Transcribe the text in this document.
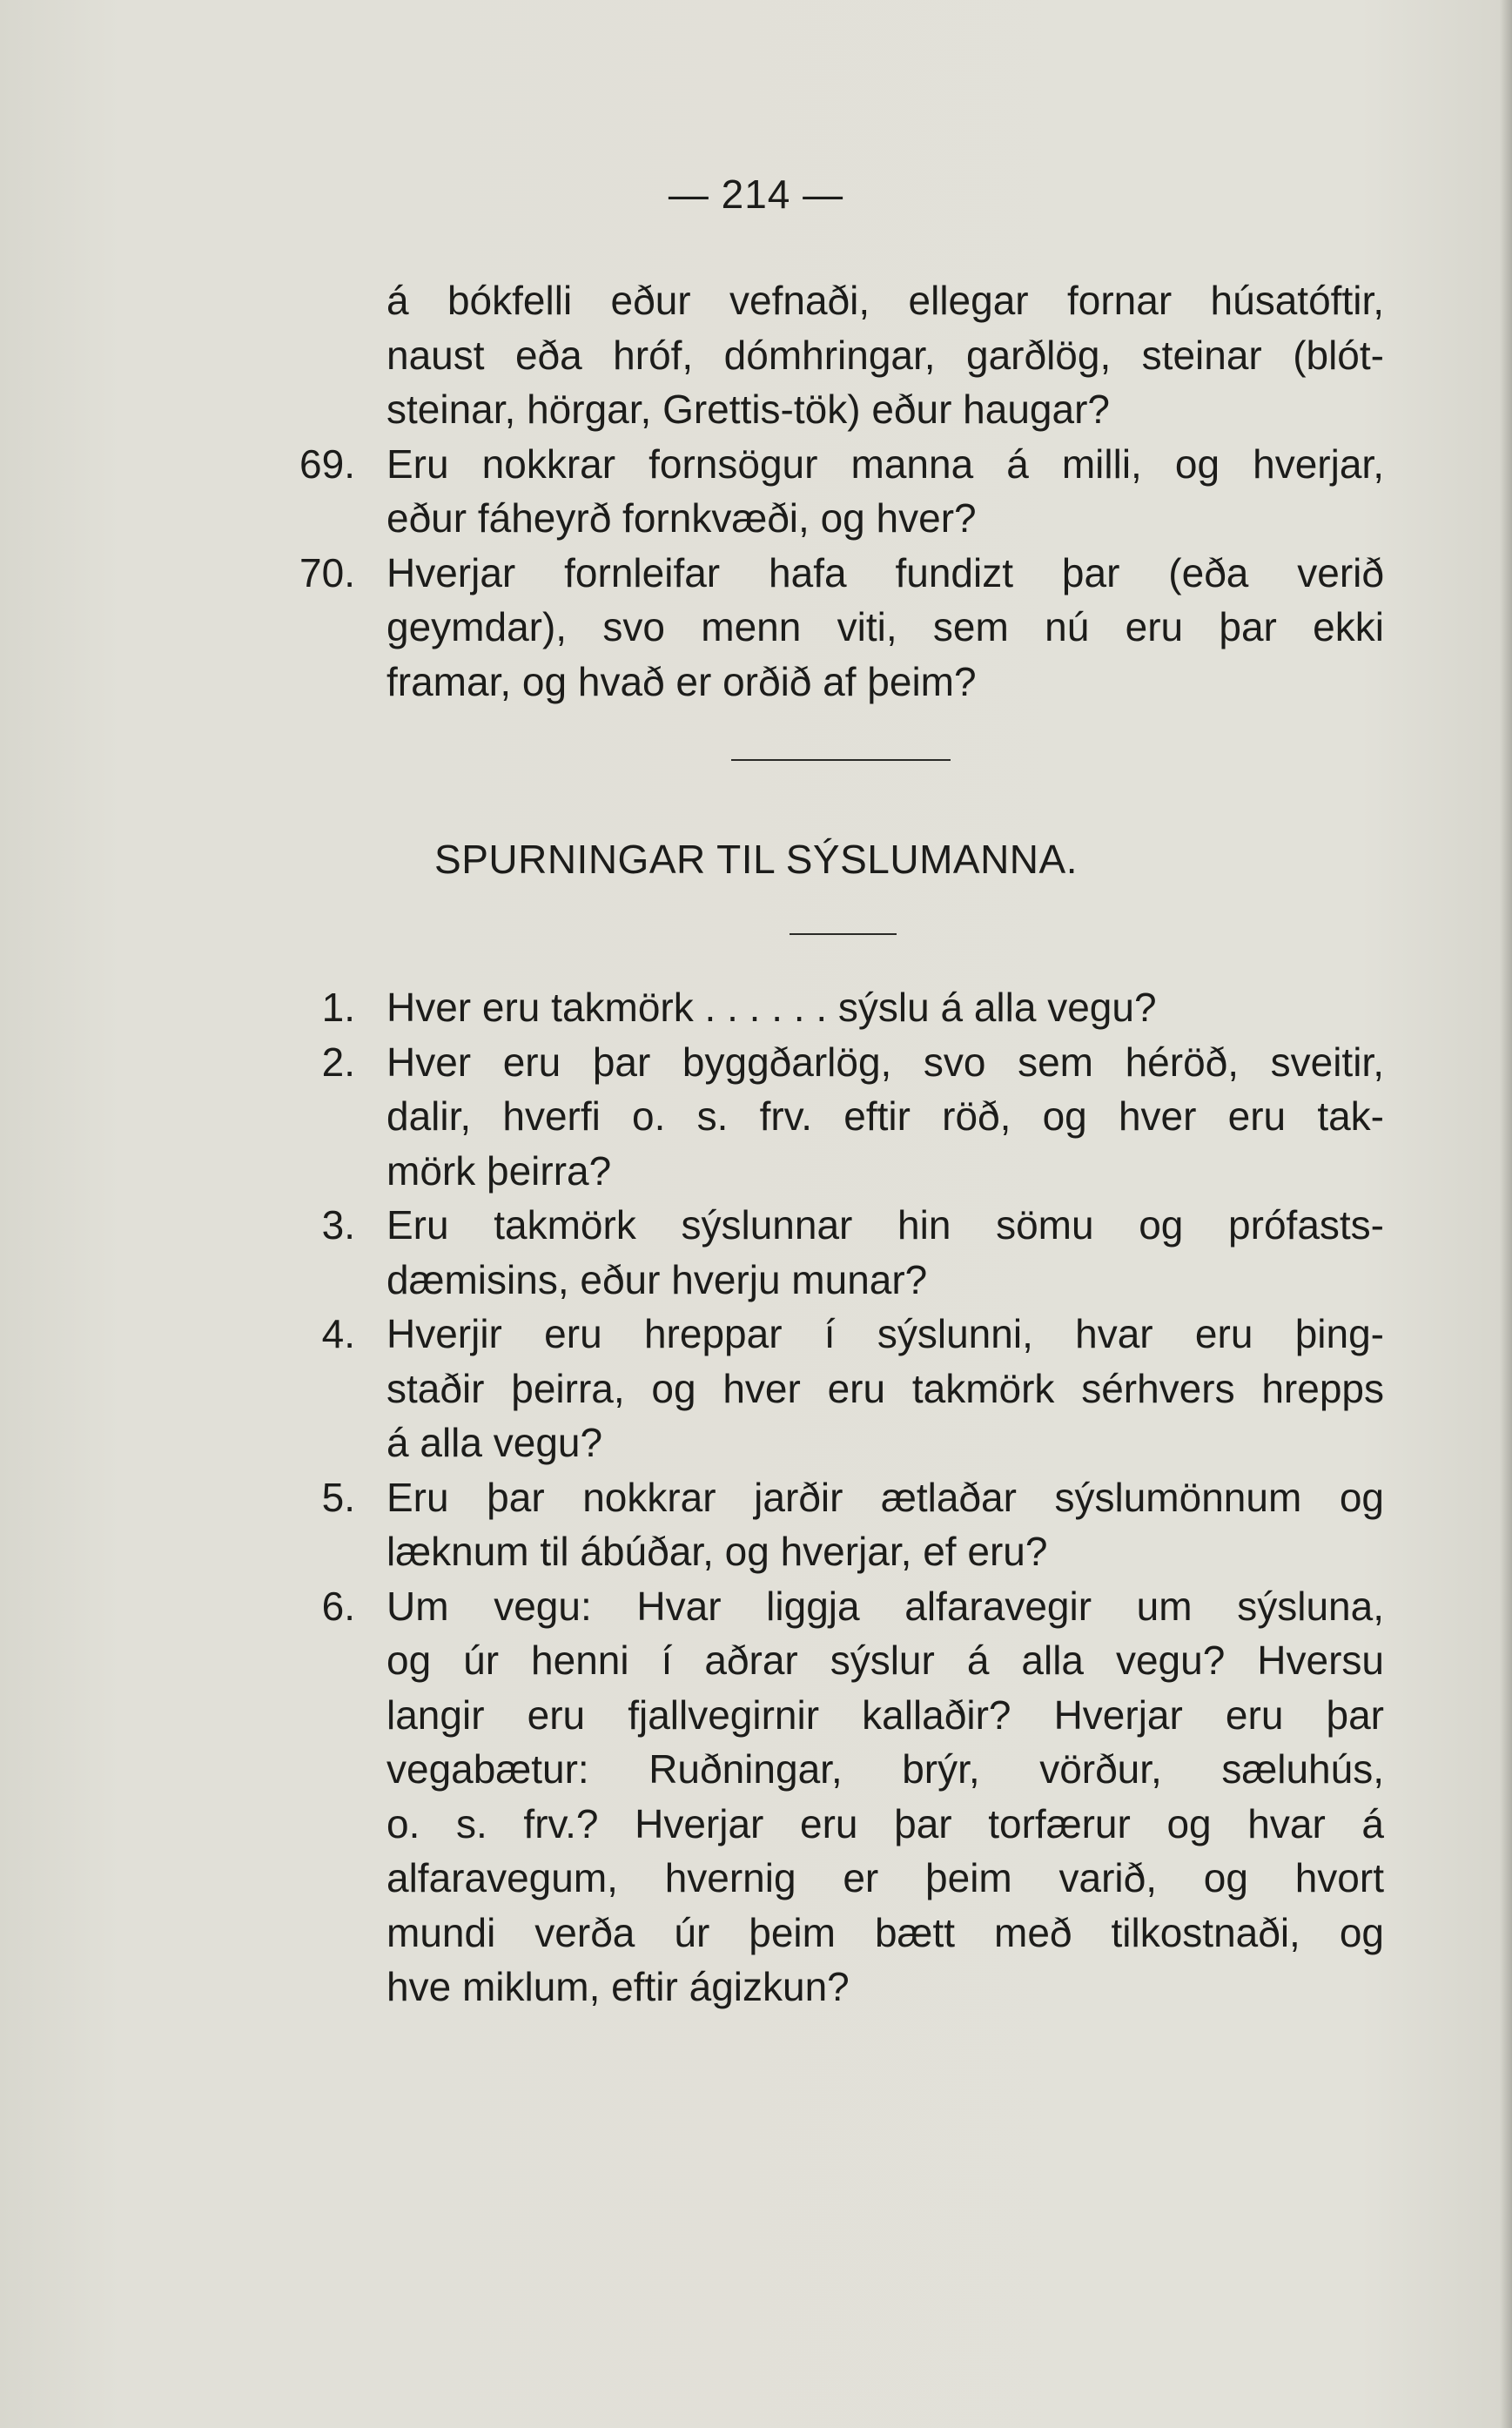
— 214 —
á bókfelli eður vefnaði, ellegar fornar húsatóftir,
naust eða hróf, dómhringar, garðlög, steinar (blót-
steinar, hörgar, Grettis-tök) eður haugar?
69. Eru nokkrar fornsögur manna á milli, og hverjar,
eður fáheyrð fornkvæði, og hver?
70. Hverjar fornleifar hafa fundizt þar (eða verið
geymdar), svo menn viti, sem nú eru þar ekki
framar, og hvað er orðið af þeim?
SPURNINGAR TIL SÝSLUMANNA.
1. Hver eru takmörk . . . . . . sýslu á alla vegu?
2. Hver eru þar byggðarlög, svo sem héröð, sveitir,
dalir, hverfi o. s. frv. eftir röð, og hver eru tak-
mörk þeirra?
3. Eru takmörk sýslunnar hin sömu og prófasts-
dæmisins, eður hverju munar?
4. Hverjir eru hreppar í sýslunni, hvar eru þing-
staðir þeirra, og hver eru takmörk sérhvers hrepps
á alla vegu?
5. Eru þar nokkrar jarðir ætlaðar sýslumönnum og
læknum til ábúðar, og hverjar, ef eru?
6. Um vegu: Hvar liggja alfaravegir um sýsluna,
og úr henni í aðrar sýslur á alla vegu? Hversu
langir eru fjallvegirnir kallaðir? Hverjar eru þar
vegabætur: Ruðningar, brýr, vörður, sæluhús,
o. s. frv.? Hverjar eru þar torfærur og hvar á
alfaravegum, hvernig er þeim varið, og hvort
mundi verða úr þeim bætt með tilkostnaði, og
hve miklum, eftir ágizkun?
